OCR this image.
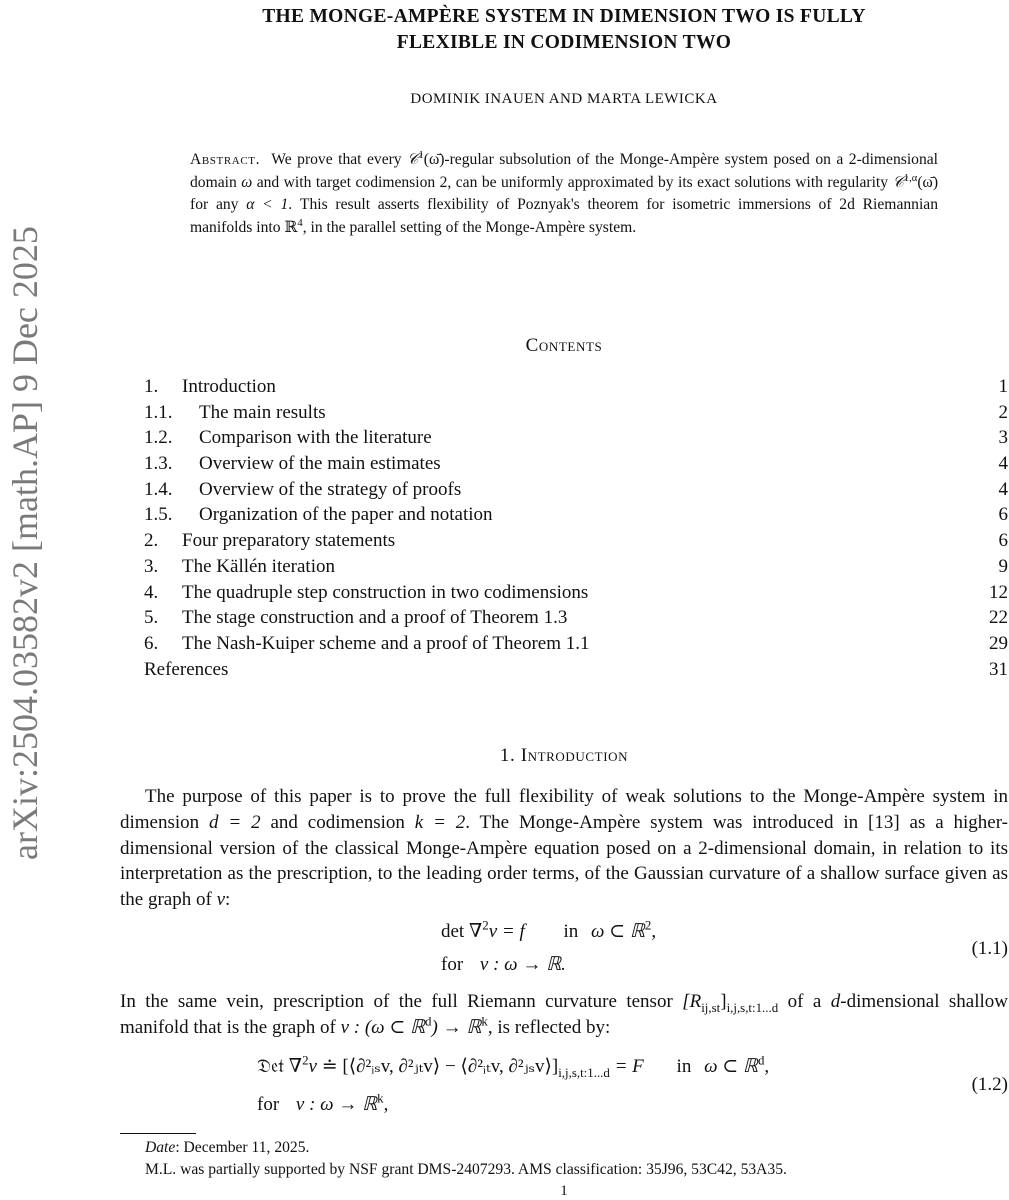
arXiv:2504.03582v2 [math.AP] 9 Dec 2025
THE MONGE-AMPÈRE SYSTEM IN DIMENSION TWO IS FULLY
FLEXIBLE IN CODIMENSION TWO
DOMINIK INAUEN AND MARTA LEWICKA
Abstract. We prove that every 𝒞$^1$(ω̄)-regular subsolution of the Monge-Ampère system posed on a 2-dimensional domain ω and with target codimension 2, can be uniformly approximated by its exact solutions with regularity 𝒞$^{1,\alpha}$(ω̄) for any α < 1. This result asserts flexibility of Poznyak's theorem for isometric immersions of 2d Riemannian manifolds into ℝ$^4$, in the parallel setting of the Monge-Ampère system.
Contents
1. Introduction	1
1.1. The main results	2
1.2. Comparison with the literature	3
1.3. Overview of the main estimates	4
1.4. Overview of the strategy of proofs	4
1.5. Organization of the paper and notation	6
2. Four preparatory statements	6
3. The Källén iteration	9
4. The quadruple step construction in two codimensions	12
5. The stage construction and a proof of Theorem 1.3	22
6. The Nash-Kuiper scheme and a proof of Theorem 1.1	29
References	31
1. Introduction
The purpose of this paper is to prove the full flexibility of weak solutions to the Monge-Ampère system in dimension d = 2 and codimension k = 2. The Monge-Ampère system was introduced in [13] as a higher-dimensional version of the classical Monge-Ampère equation posed on a 2-dimensional domain, in relation to its interpretation as the prescription, to the leading order terms, of the Gaussian curvature of a shallow surface given as the graph of v:
det ∇$^2$v = f in ω ⊂ ℝ$^2$,
for v : ω → ℝ.
(1.1)
In the same vein, prescription of the full Riemann curvature tensor $[R_{ij,st}]_{i,j,s,t:1...d}$ of a d-dimensional shallow manifold that is the graph of v : (ω ⊂ ℝ$^d$) → ℝ$^k$, is reflected by:
𝔇𝔢𝔱 ∇$^2$v ≐ [⟨∂²ᵢₛv, ∂²ⱼₜv⟩ − ⟨∂²ᵢₜv, $\partial^2ⱼ_sv⟩]_{i,j,s,t:1...d} = F$ in ω ⊂ ℝ$^d$,
for v : ω → ℝ$^k$,
(1.2)
Date: December 11, 2025.
M.L. was partially supported by NSF grant DMS-2407293. AMS classification: 35J96, 53C42, 53A35.
1
